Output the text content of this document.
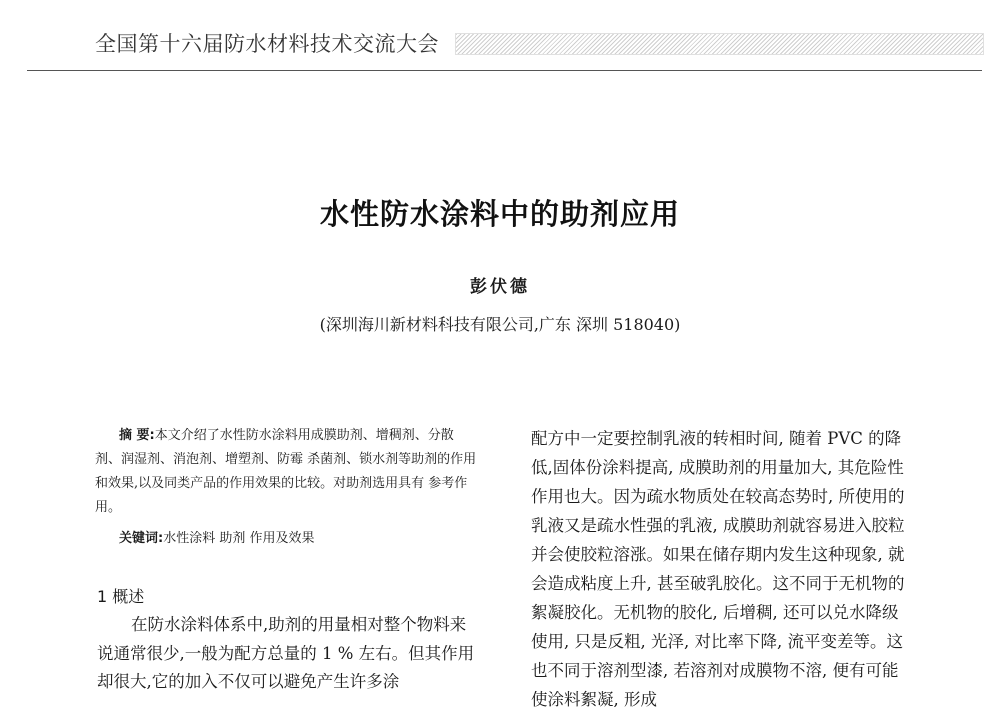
全国第十六届防水材料技术交流大会
水性防水涂料中的助剂应用
彭伏德
(深圳海川新材料科技有限公司,广东 深圳 518040)

摘 要:本文介绍了水性防水涂料用成膜助剂、增稠剂、分散剂、润湿剂、消泡剂、增塑剂、防霉 杀菌剂、锁水剂等助剂的作用和效果,以及同类产品的作用效果的比较。对助剂选用具有 参考作用。

关键词:水性涂料 助剂 作用及效果
1 概述

在防水涂料体系中,助剂的用量相对整个物料来说通常很少,一般为配方总量的 1 % 左右。但其作用却很大,它的加入不仅可以避免产生许多涂

配方中一定要控制乳液的转相时间, 随着 PVC 的降低,固体份涂料提高, 成膜助剂的用量加大, 其危险性作用也大。因为疏水物质处在较高态势时, 所使用的乳液又是疏水性强的乳液, 成膜助剂就容易进入胶粒并会使胶粒溶涨。如果在储存期内发生这种现象, 就会造成粘度上升, 甚至破乳胶化。这不同于无机物的絮凝胶化。无机物的胶化, 后增稠, 还可以兑水降级使用, 只是反粗, 光泽, 对比率下降, 流平变差等。这也不同于溶剂型漆, 若溶剂对成膜物不溶, 便有可能使涂料絮凝, 形成
